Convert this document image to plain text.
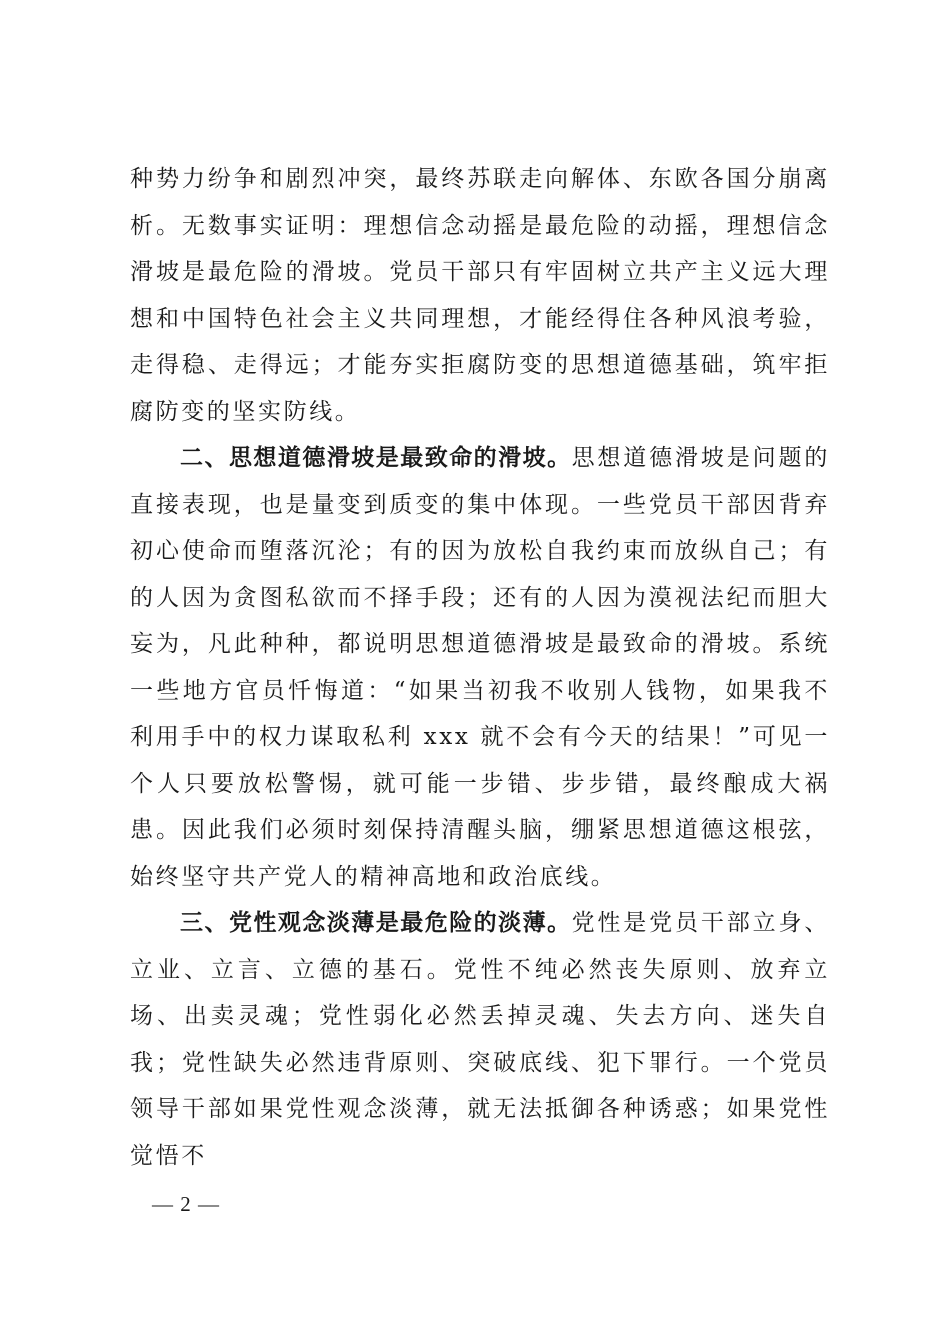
种势力纷争和剧烈冲突，最终苏联走向解体、东欧各国分崩离析。无数事实证明：理想信念动摇是最危险的动摇，理想信念滑坡是最危险的滑坡。党员干部只有牢固树立共产主义远大理想和中国特色社会主义共同理想，才能经得住各种风浪考验，走得稳、走得远；才能夯实拒腐防变的思想道德基础，筑牢拒腐防变的坚实防线。

二、思想道德滑坡是最致命的滑坡。思想道德滑坡是问题的直接表现，也是量变到质变的集中体现。一些党员干部因背弃初心使命而堕落沉沦；有的因为放松自我约束而放纵自己；有的人因为贪图私欲而不择手段；还有的人因为漠视法纪而胆大妄为，凡此种种，都说明思想道德滑坡是最致命的滑坡。系统一些地方官员忏悔道：“如果当初我不收别人钱物，如果我不利用手中的权力谋取私利 xxx 就不会有今天的结果！”可见一个人只要放松警惕，就可能一步错、步步错，最终酿成大祸患。因此我们必须时刻保持清醒头脑，绷紧思想道德这根弦，始终坚守共产党人的精神高地和政治底线。

三、党性观念淡薄是最危险的淡薄。党性是党员干部立身、立业、立言、立德的基石。党性不纯必然丧失原则、放弃立场、出卖灵魂；党性弱化必然丢掉灵魂、失去方向、迷失自我；党性缺失必然违背原则、突破底线、犯下罪行。一个党员领导干部如果党性观念淡薄，就无法抵御各种诱惑；如果党性觉悟不

— 2 —
